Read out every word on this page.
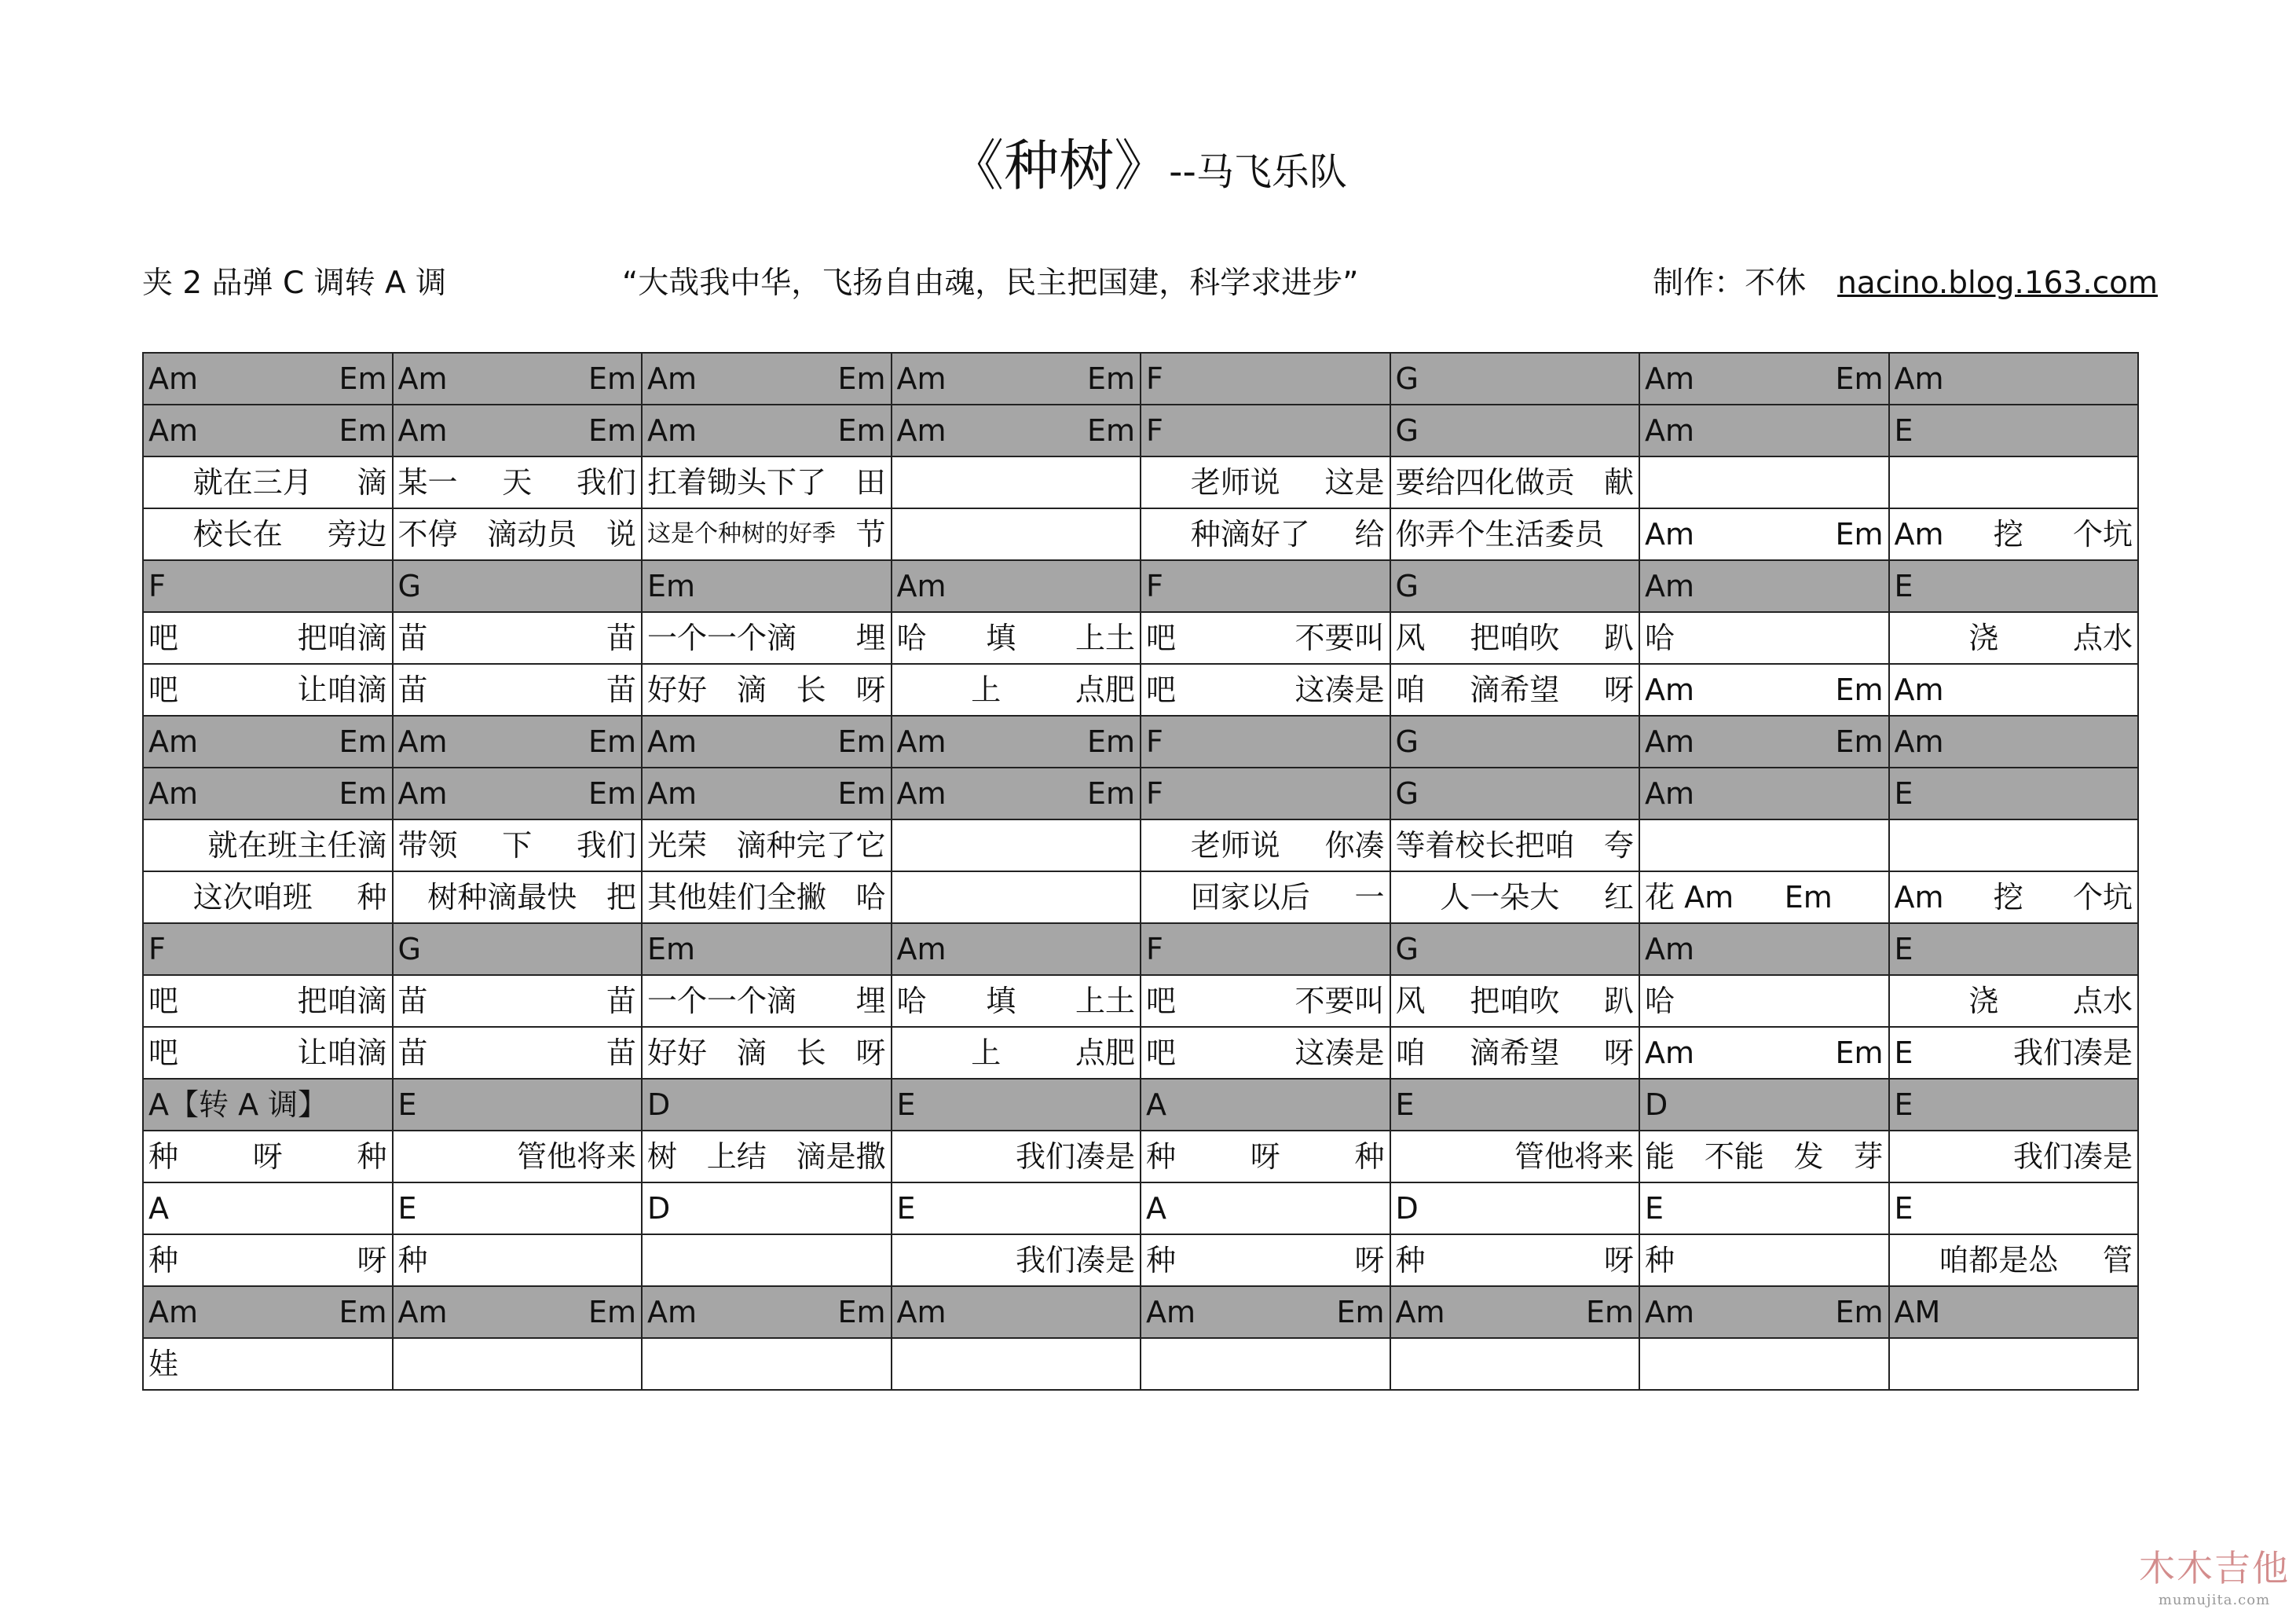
《种树》--马飞乐队
夹 2 品弹 C 调转 A 调	“大哉我中华，飞扬自由魂，民主把国建，科学求进步”	制作：不休 nacino.blog.163.com
Am Em	Am Em	Am Em	Am Em	F	G	Am Em	Am

Am Em	Am Em	Am Em	Am Em	F	G	Am	E

就在三月 滴	某一 天 我们	扛着锄头下了 田		老师说 这是	要给四化做贡 献		

校长在 旁边	不停 滴动员 说	这是个种树的好季 节		种滴好了 给	你弄个生活委员	Am Em	Am 挖 个坑

F	G	Em	Am	F	G	Am	E

吧 把咱滴	苗 苗	一个一个滴 埋	哈 填 上土	吧 不要叫	风 把咱吹 趴	哈	浇 点水

吧 让咱滴	苗 苗	好好 滴 长 呀	上 点肥	吧 这凑是	咱 滴希望 呀	Am Em	Am

Am Em	Am Em	Am Em	Am Em	F	G	Am Em	Am

Am Em	Am Em	Am Em	Am Em	F	G	Am	E

就在班主任滴	带领 下 我们	光荣 滴种完了它		老师说 你凑	等着校长把咱 夸		

这次咱班 种	树种滴最快 把	其他娃们全撇 哈		回家以后 一	人一朵大 红	花 Am Em	Am 挖 个坑

F	G	Em	Am	F	G	Am	E

吧 把咱滴	苗 苗	一个一个滴 埋	哈 填 上土	吧 不要叫	风 把咱吹 趴	哈	浇 点水

吧 让咱滴	苗 苗	好好 滴 长 呀	上 点肥	吧 这凑是	咱 滴希望 呀	Am Em	E 我们凑是

A【转 A 调】	E	D	E	A	E	D	E

种 呀 种	管他将来	树 上结 滴是撒	我们凑是	种 呀 种	管他将来	能 不能 发 芽	我们凑是

A	E	D	E	A	D	E	E

种 呀	种		我们凑是	种 呀	种 呀	种	咱都是怂 管

Am Em	Am Em	Am Em	Am	Am Em	Am Em	Am Em	AM

娃							

木木吉他
mumujita.com
